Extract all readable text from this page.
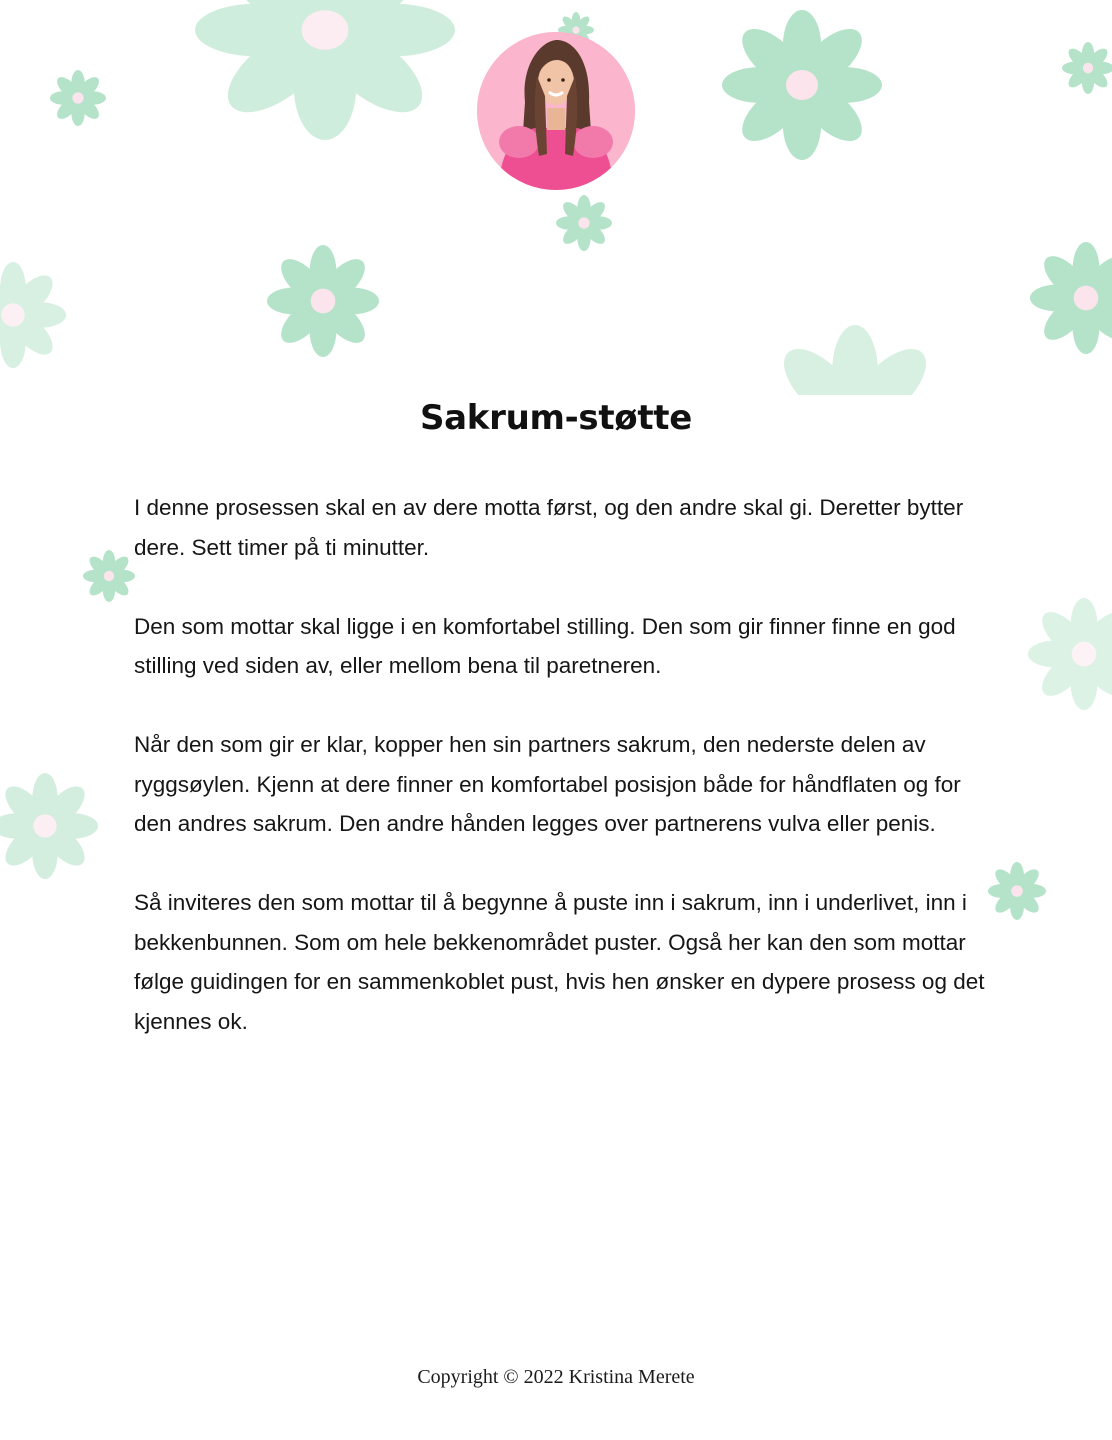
Sakrum-støtte

I denne prosessen skal en av dere motta først, og den andre skal gi. Deretter bytter dere. Sett timer på ti minutter.

Den som mottar skal ligge i en komfortabel stilling. Den som gir finner finne en god stilling ved siden av, eller mellom bena til paretneren.

Når den som gir er klar, kopper hen sin partners sakrum, den nederste delen av ryggsøylen. Kjenn at dere finner en komfortabel posisjon både for håndflaten og for den andres sakrum. Den andre hånden legges over partnerens vulva eller penis.

Så inviteres den som mottar til å begynne å puste inn i sakrum, inn i underlivet, inn i bekkenbunnen. Som om hele bekkenområdet puster. Også her kan den som mottar følge guidingen for en sammenkoblet pust, hvis hen ønsker en dypere prosess og det kjennes ok.

Copyright © 2022 Kristina Merete
